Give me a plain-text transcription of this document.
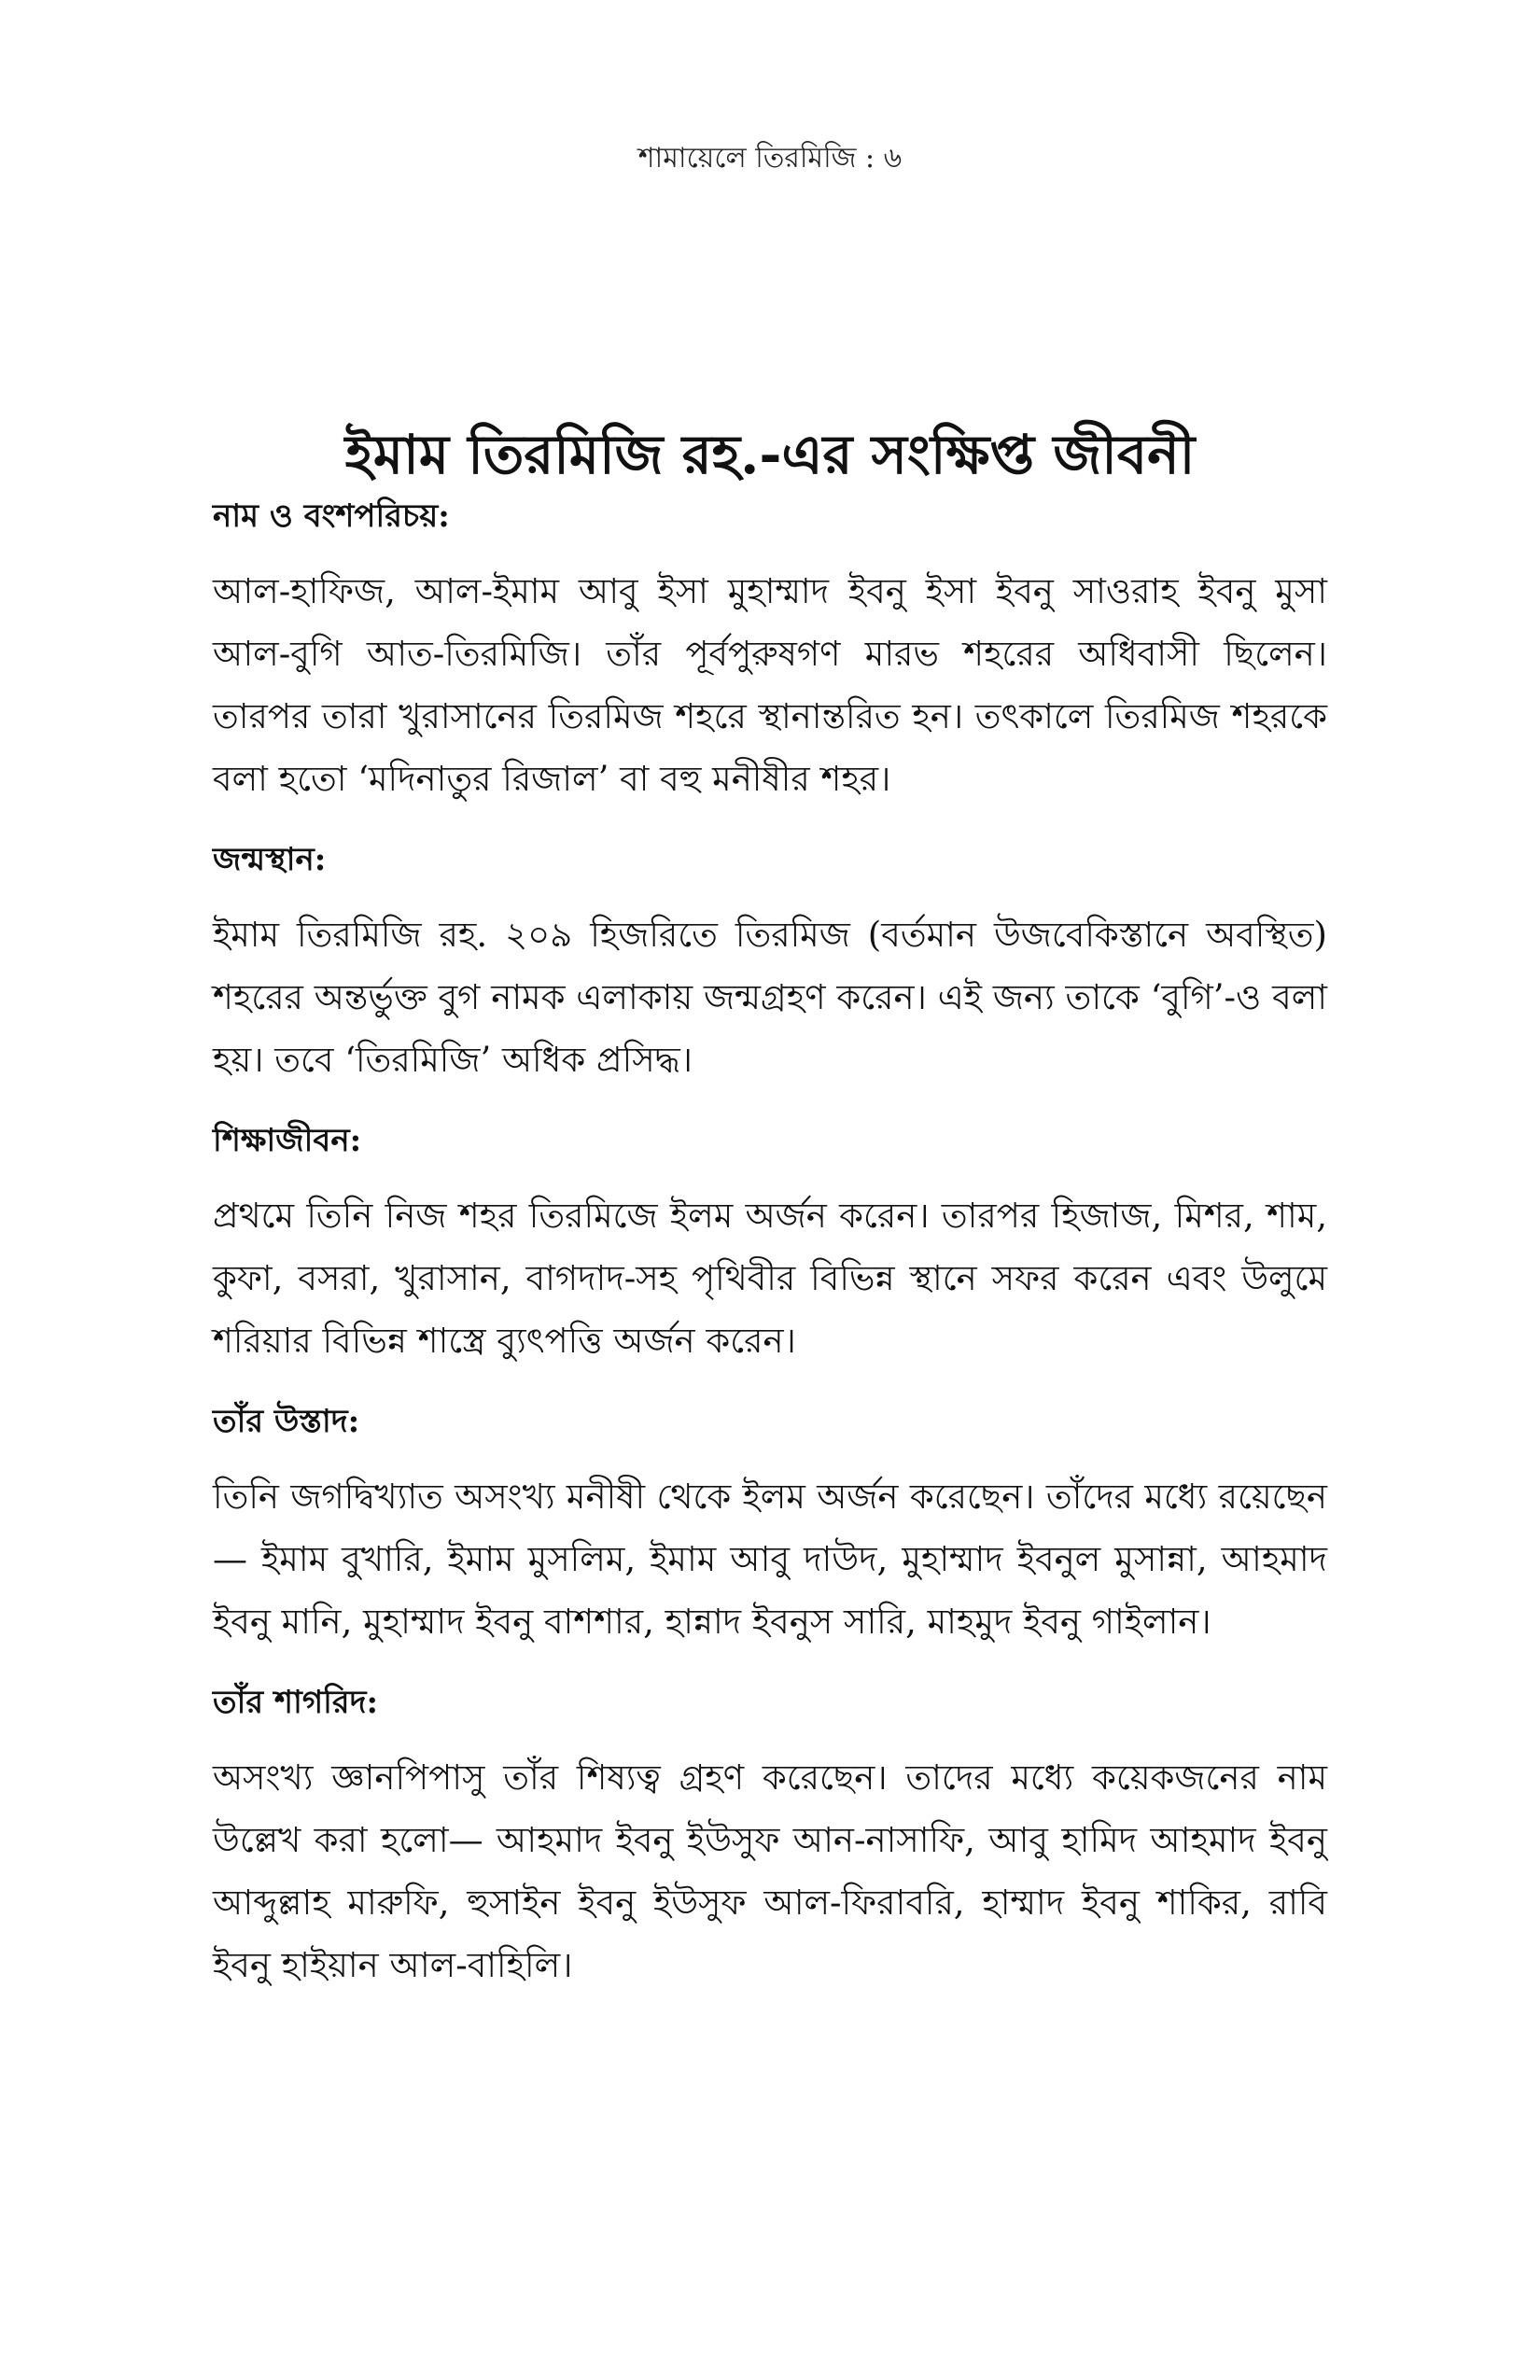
শামায়েলে তিরমিজি : ৬
ইমাম তিরমিজি রহ.-এর সংক্ষিপ্ত জীবনী
নাম ও বংশপরিচয়:

আল-হাফিজ, আল-ইমাম আবু ইসা মুহাম্মাদ ইবনু ইসা ইবনু সাওরাহ ইবনু মুসা আল-বুগি আত-তিরমিজি। তাঁর পূর্বপুরুষগণ মারভ শহরের অধিবাসী ছিলেন। তারপর তারা খুরাসানের তিরমিজ শহরে স্থানান্তরিত হন। তৎকালে তিরমিজ শহরকে বলা হতো ‘মদিনাতুর রিজাল’ বা বহু মনীষীর শহর।

জন্মস্থান:

ইমাম তিরমিজি রহ. ২০৯ হিজরিতে তিরমিজ (বর্তমান উজবেকিস্তানে অবস্থিত) শহরের অন্তর্ভুক্ত বুগ নামক এলাকায় জন্মগ্রহণ করেন। এই জন্য তাকে ‘বুগি’-ও বলা হয়। তবে ‘তিরমিজি’ অধিক প্রসিদ্ধ।

শিক্ষাজীবন:

প্রথমে তিনি নিজ শহর তিরমিজে ইলম অর্জন করেন। তারপর হিজাজ, মিশর, শাম, কুফা, বসরা, খুরাসান, বাগদাদ-সহ পৃথিবীর বিভিন্ন স্থানে সফর করেন এবং উলুমে শরিয়ার বিভিন্ন শাস্ত্রে ব্যুৎপত্তি অর্জন করেন।

তাঁর উস্তাদ:

তিনি জগদ্বিখ্যাত অসংখ্য মনীষী থেকে ইলম অর্জন করেছেন। তাঁদের মধ্যে রয়েছেন— ইমাম বুখারি, ইমাম মুসলিম, ইমাম আবু দাউদ, মুহাম্মাদ ইবনুল মুসান্না, আহমাদ ইবনু মানি, মুহাম্মাদ ইবনু বাশশার, হান্নাদ ইবনুস সারি, মাহমুদ ইবনু গাইলান।

তাঁর শাগরিদ:

অসংখ্য জ্ঞানপিপাসু তাঁর শিষ্যত্ব গ্রহণ করেছেন। তাদের মধ্যে কয়েকজনের নাম উল্লেখ করা হলো— আহমাদ ইবনু ইউসুফ আন-নাসাফি, আবু হামিদ আহমাদ ইবনু আব্দুল্লাহ মারুফি, হুসাইন ইবনু ইউসুফ আল-ফিরাবরি, হাম্মাদ ইবনু শাকির, রাবি ইবনু হাইয়ান আল-বাহিলি।
